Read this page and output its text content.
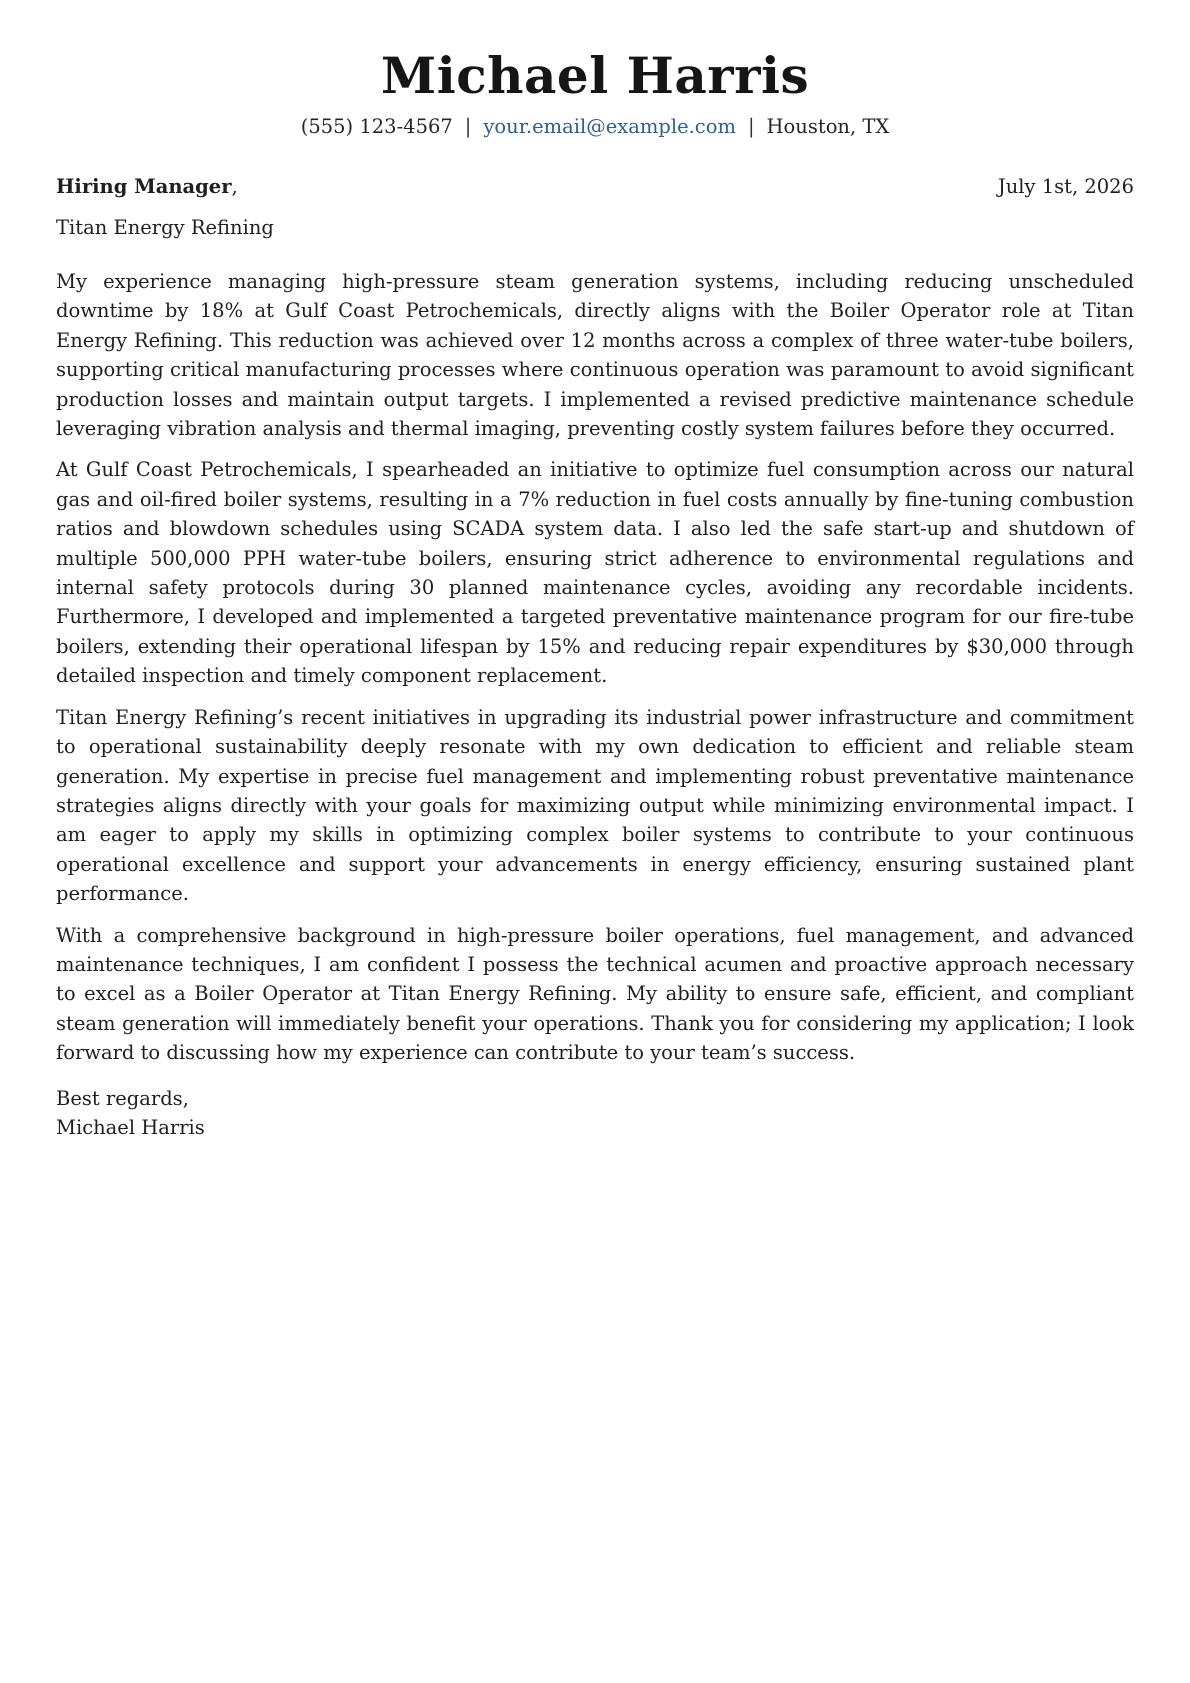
Michael Harris
(555) 123-4567 | your.email@example.com | Houston, TX
Hiring Manager,	July 1st, 2026
Titan Energy Refining

My experience managing high-pressure steam generation systems, including reducing unscheduled downtime by 18% at Gulf Coast Petrochemicals, directly aligns with the Boiler Operator role at Titan Energy Refining. This reduction was achieved over 12 months across a complex of three water-tube boilers, supporting critical manufacturing processes where continuous operation was paramount to avoid significant production losses and maintain output targets. I implemented a revised predictive maintenance schedule leveraging vibration analysis and thermal imaging, preventing costly system failures before they occurred.

At Gulf Coast Petrochemicals, I spearheaded an initiative to optimize fuel consumption across our natural gas and oil-fired boiler systems, resulting in a 7% reduction in fuel costs annually by fine-tuning combustion ratios and blowdown schedules using SCADA system data. I also led the safe start-up and shutdown of multiple 500,000 PPH water-tube boilers, ensuring strict adherence to environmental regulations and internal safety protocols during 30 planned maintenance cycles, avoiding any recordable incidents. Furthermore, I developed and implemented a targeted preventative maintenance program for our fire-tube boilers, extending their operational lifespan by 15% and reducing repair expenditures by $30,000 through detailed inspection and timely component replacement.

Titan Energy Refining’s recent initiatives in upgrading its industrial power infrastructure and commitment to operational sustainability deeply resonate with my own dedication to efficient and reliable steam generation. My expertise in precise fuel management and implementing robust preventative maintenance strategies aligns directly with your goals for maximizing output while minimizing environmental impact. I am eager to apply my skills in optimizing complex boiler systems to contribute to your continuous operational excellence and support your advancements in energy efficiency, ensuring sustained plant performance.

With a comprehensive background in high-pressure boiler operations, fuel management, and advanced maintenance techniques, I am confident I possess the technical acumen and proactive approach necessary to excel as a Boiler Operator at Titan Energy Refining. My ability to ensure safe, efficient, and compliant steam generation will immediately benefit your operations. Thank you for considering my application; I look forward to discussing how my experience can contribute to your team’s success.

Best regards,
Michael Harris
